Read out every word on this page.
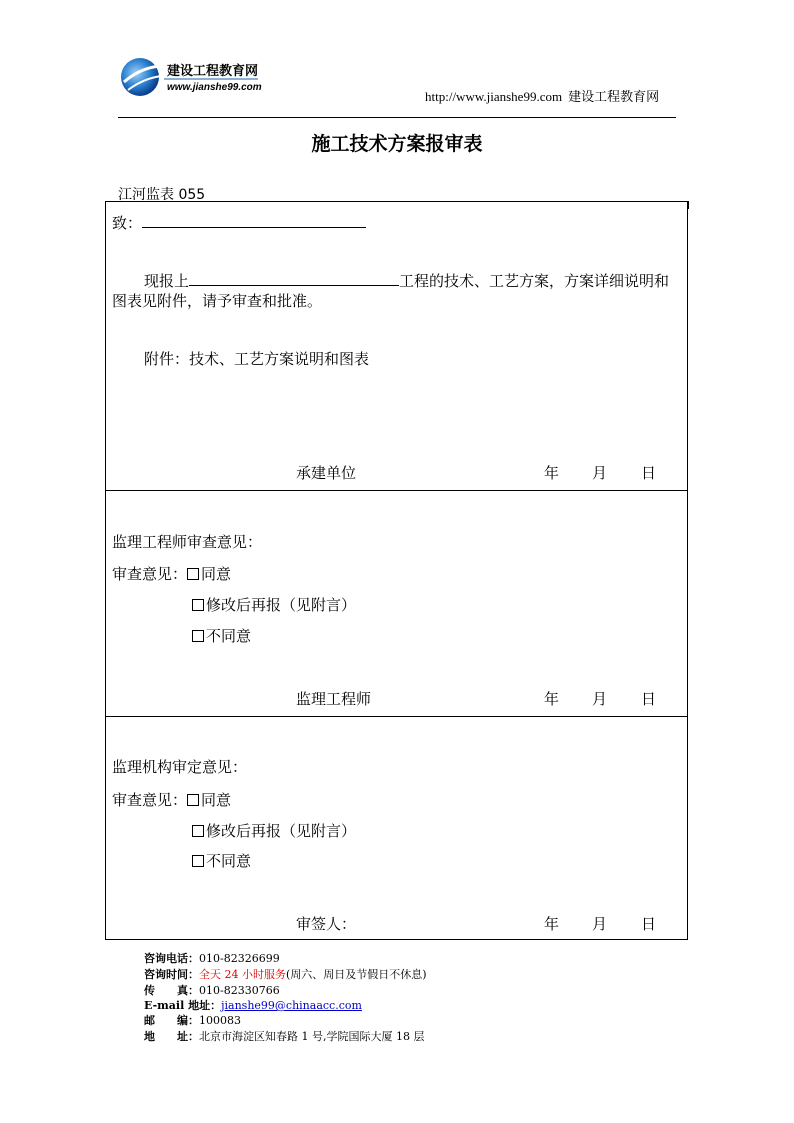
建设工程教育网
www.jianshe99.com
http://www.jianshe99.com 建设工程教育网
施工技术方案报审表
江河监表 055
致：
现报上	工程的技术、工艺方案，方案详细说明和
图表见附件，请予审查和批准。
附件：技术、工艺方案说明和图表
承建单位	年 月 日
监理工程师审查意见：
审查意见： 同意
修改后再报（见附言）
不同意
监理工程师	年 月 日
监理机构审定意见：
审查意见： 同意
修改后再报（见附言）
不同意
审签人：	年 月 日
咨询电话：010-82326699
咨询时间：全天 24 小时服务(周六、周日及节假日不休息)
传　　真：010-82330766
E-mail 地址：jianshe99@chinaacc.com
邮　　编：100083
地　　址：北京市海淀区知春路 1 号,学院国际大厦 18 层
